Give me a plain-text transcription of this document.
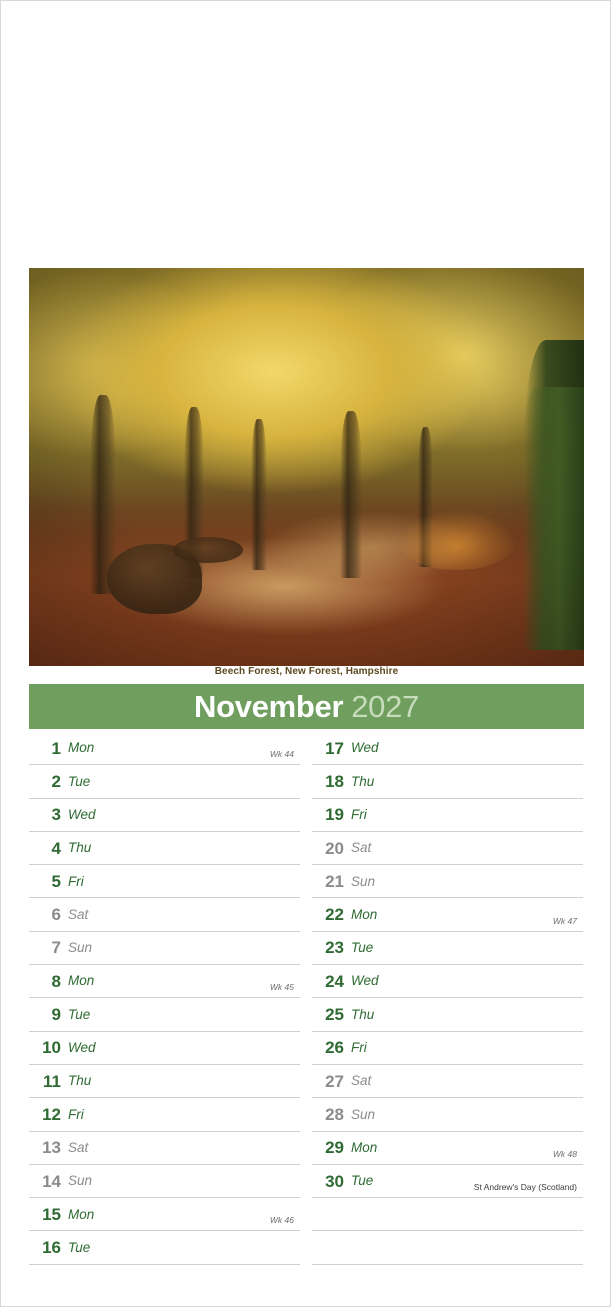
Beech Forest, New Forest, Hampshire
November 2027
1 Mon	Wk 44
2 Tue
3 Wed
4 Thu
5 Fri
6 Sat
7 Sun
8 Mon	Wk 45
9 Tue
10 Wed
11 Thu
12 Fri
13 Sat
14 Sun
15 Mon	Wk 46
16 Tue
17 Wed
18 Thu
19 Fri
20 Sat
21 Sun
22 Mon	Wk 47
23 Tue
24 Wed
25 Thu
26 Fri
27 Sat
28 Sun
29 Mon	Wk 48
30 Tue	St Andrew's Day (Scotland)
